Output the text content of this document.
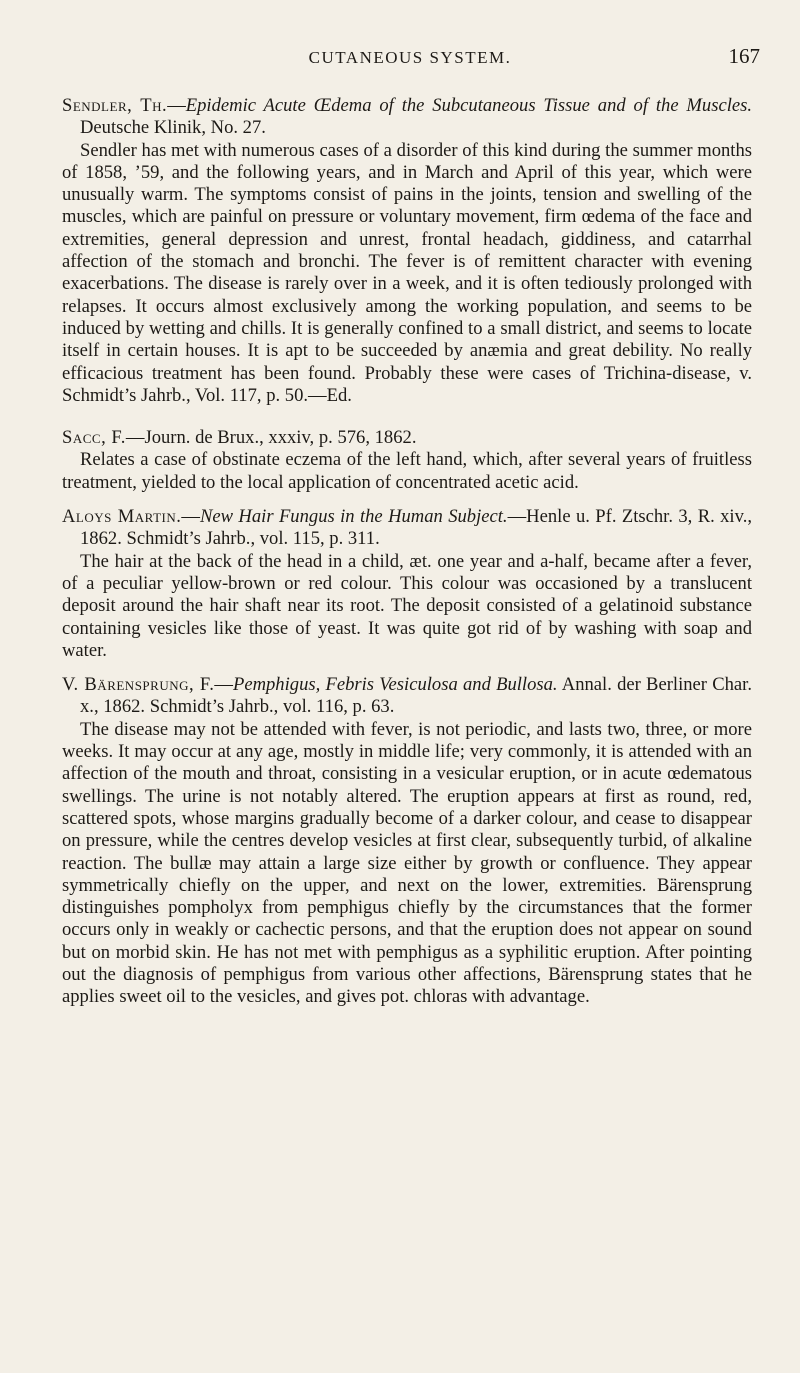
CUTANEOUS SYSTEM.	167
Sendler, Th.—Epidemic Acute Œdema of the Subcutaneous Tissue and of the Muscles. Deutsche Klinik, No. 27.

Sendler has met with numerous cases of a disorder of this kind during the summer months of 1858, ’59, and the following years, and in March and April of this year, which were unusually warm. The symptoms consist of pains in the joints, tension and swelling of the muscles, which are painful on pressure or voluntary movement, firm œdema of the face and extremities, general depression and unrest, frontal headach, giddiness, and catarrhal affection of the stomach and bronchi. The fever is of remittent character with evening exacerbations. The disease is rarely over in a week, and it is often tediously prolonged with relapses. It occurs almost exclusively among the working population, and seems to be induced by wetting and chills. It is generally confined to a small district, and seems to locate itself in certain houses. It is apt to be succeeded by anæmia and great debility. No really efficacious treatment has been found. Probably these were cases of Trichina-disease, v. Schmidt’s Jahrb., Vol. 117, p. 50.—Ed.

Sacc, F.—Journ. de Brux., xxxiv, p. 576, 1862.

Relates a case of obstinate eczema of the left hand, which, after several years of fruitless treatment, yielded to the local application of concentrated acetic acid.

Aloys Martin.—New Hair Fungus in the Human Subject.—Henle u. Pf. Ztschr. 3, R. xiv., 1862. Schmidt’s Jahrb., vol. 115, p. 311.

The hair at the back of the head in a child, æt. one year and a-half, became after a fever, of a peculiar yellow-brown or red colour. This colour was occasioned by a translucent deposit around the hair shaft near its root. The deposit consisted of a gelatinoid substance containing vesicles like those of yeast. It was quite got rid of by washing with soap and water.

V. Bärensprung, F.—Pemphigus, Febris Vesiculosa and Bullosa. Annal. der Berliner Char. x., 1862. Schmidt’s Jahrb., vol. 116, p. 63.

The disease may not be attended with fever, is not periodic, and lasts two, three, or more weeks. It may occur at any age, mostly in middle life; very commonly, it is attended with an affection of the mouth and throat, consisting in a vesicular eruption, or in acute œdematous swellings. The urine is not notably altered. The eruption appears at first as round, red, scattered spots, whose margins gradually become of a darker colour, and cease to disappear on pressure, while the centres develop vesicles at first clear, subsequently turbid, of alkaline reaction. The bullæ may attain a large size either by growth or confluence. They appear symmetrically chiefly on the upper, and next on the lower, extremities. Bärensprung distinguishes pompholyx from pemphigus chiefly by the circumstances that the former occurs only in weakly or cachectic persons, and that the eruption does not appear on sound but on morbid skin. He has not met with pemphigus as a syphilitic eruption. After pointing out the diagnosis of pemphigus from various other affections, Bärensprung states that he applies sweet oil to the vesicles, and gives pot. chloras with advantage.
